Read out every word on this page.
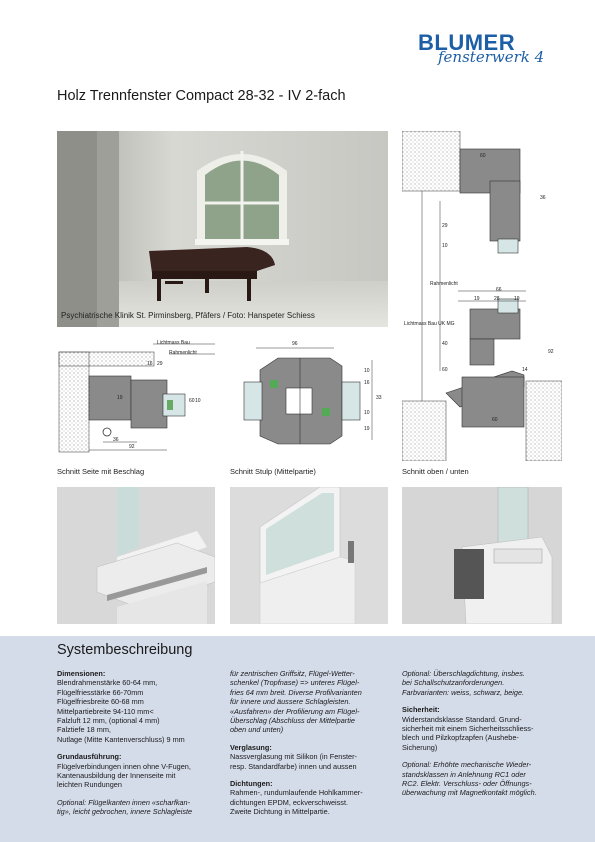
BLUMER
fensterwerk 4
Holz Trennfenster Compact 28-32 - IV 2-fach
Psychiatrische Klinik St. Pirminsberg, Pfäfers / Foto: Hanspeter Schiess
Lichtmass Bau
Rahmenlicht
16 29
60 10
92
36
19
Schnitt Seite mit Beschlag
96
10
16
33
10
19
Schnitt Stulp (Mittelpartie)
60
36
29
10
Rahmenlicht
Lichtmass Bau UK MG
66
19	28	19
40
60	14
92
60
Schnitt oben / unten
Systembeschreibung

Dimensionen:
Blendrahmenstärke 60-64 mm,
Flügelfriesstärke 66-70mm
Flügelfriesbreite 60-68 mm
Mittelpartiebreite 94-110 mm<
Falzluft 12 mm, (optional 4 mm)
Falztiefe 18 mm,
Nutlage (Mitte Kantenverschluss) 9 mm

Grundausführung:
Flügelverbindungen innen ohne V-Fugen,
Kantenausbildung der Innenseite mit
leichten Rundungen

Optional: Flügelkanten innen «scharfkan-
tig», leicht gebrochen, innere Schlagleiste

für zentrischen Griffsitz, Flügel-Wetter-
schenkel (Tropfnase) => unteres Flügel-
fries 64 mm breit. Diverse Profilvarianten
für innere und äussere Schlagleisten.
«Ausfahren» der Profilierung am Flügel-
Überschlag (Abschluss der Mittelpartie
oben und unten)

Verglasung:
Nassverglasung mit Silikon (in Fenster-
resp. Standardfarbe) innen und aussen

Dichtungen:
Rahmen-, rundumlaufende Hohlkammer-
dichtungen EPDM, eckverschweisst.
Zweite Dichtung in Mittelpartie.

Optional: Überschlagdichtung, insbes.
bei Schallschutzanforderungen.
Farbvarianten: weiss, schwarz, beige.

Sicherheit:
Widerstandsklasse Standard. Grund-
sicherheit mit einem Sicherheitsschliess-
blech und Pilzkopfzapfen (Aushebe-
Sicherung)

Optional: Erhöhte mechanische Wieder-
standsklassen in Anlehnung RC1 oder
RC2. Elektr. Verschluss- oder Öffnungs-
überwachung mit Magnetkontakt möglich.
